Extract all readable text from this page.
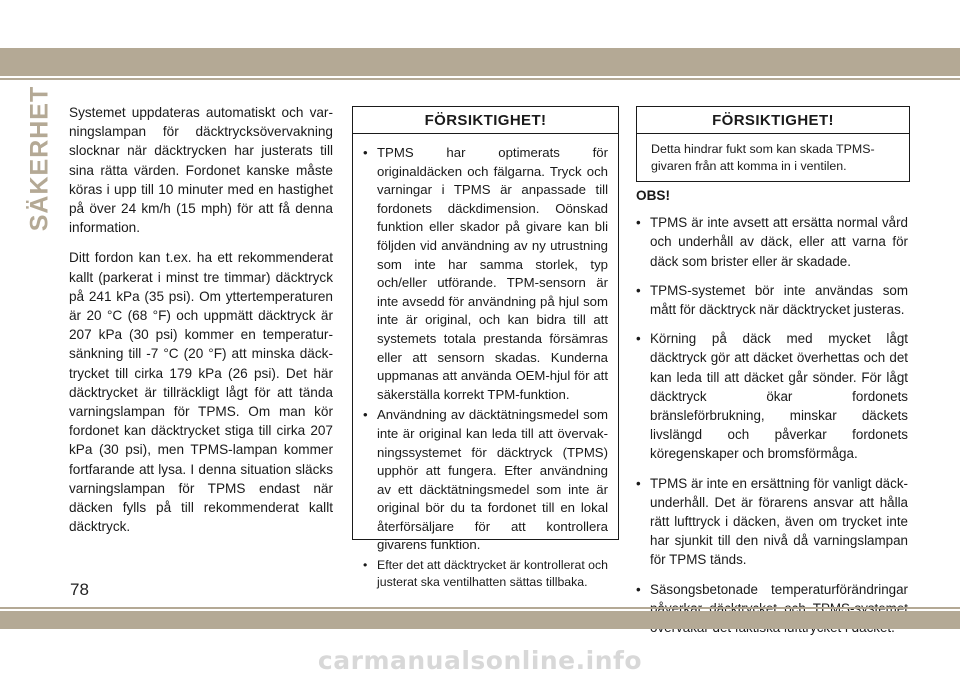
SÄKERHET Systemet uppdateras automatiskt och varningslampan för däcktrycksövervakning slocknar när däcktrycken har justerats till sina rätta värden. Fordonet kanske måste köras i upp till 10 minuter med en hastighet på över 24 km/h (15 mph) för att få denna information.

Ditt fordon kan t.ex. ha ett rekommenderat kallt (parkerat i minst tre timmar) däcktryck på 241 kPa (35 psi). Om yttertemperaturen är 20 °C (68 °F) och uppmätt däcktryck är 207 kPa (30 psi) kommer en temperatursänkning till -7 °C (20 °F) att minska däcktrycket till cirka 179 kPa (26 psi). Det här däcktrycket är tillräckligt lågt för att tända varningslampan för TPMS. Om man kör fordonet kan däcktrycket stiga till cirka 207 kPa (30 psi), men TPMS-lampan kommer fortfarande att lysa. I denna situation släcks varningslampan för TPMS endast när däcken fylls på till rekommenderat kallt däcktryck.

FÖRSIKTIGHET!
• TPMS har optimerats för originaldäcken och fälgarna. Tryck och varningar i TPMS är anpassade till fordonets däckdimension. Oönskad funktion eller skador på givare kan bli följden vid användning av ny utrustning som inte har samma storlek, typ och/eller utförande. TPM-sensorn är inte avsedd för användning på hjul som inte är original, och kan bidra till att systemets totala prestanda försämras eller att sensorn skadas. Kunderna uppmanas att använda OEM-hjul för att säkerställa korrekt TPM-funktion.
• Användning av däcktätningsmedel som inte är original kan leda till att övervakningssystemet för däcktryck (TPMS) upphör att fungera. Efter användning av ett däcktätningsmedel som inte är original bör du ta fordonet till en lokal återförsäljare för att kontrollera givarens funktion.
• Efter det att däcktrycket är kontrollerat och justerat ska ventilhatten sättas tillbaka.
FÖRSIKTIGHET!
Detta hindrar fukt som kan skada TPMS-givaren från att komma in i ventilen.
OBS!
• TPMS är inte avsett att ersätta normal vård och underhåll av däck, eller att varna för däck som brister eller är skadade.
• TPMS-systemet bör inte användas som mått för däcktryck när däcktrycket justeras.
• Körning på däck med mycket lågt däcktryck gör att däcket överhettas och det kan leda till att däcket går sönder. För lågt däcktryck ökar fordonets bränsleförbrukning, minskar däckets livslängd och påverkar fordonets köregenskaper och bromsförmåga.
• TPMS är inte en ersättning för vanligt däckunderhåll. Det är förarens ansvar att hålla rätt lufttryck i däcken, även om trycket inte har sjunkit till den nivå då varningslampan för TPMS tänds.
• Säsongsbetonade temperaturförändringar
78
carmanualsonline.info
